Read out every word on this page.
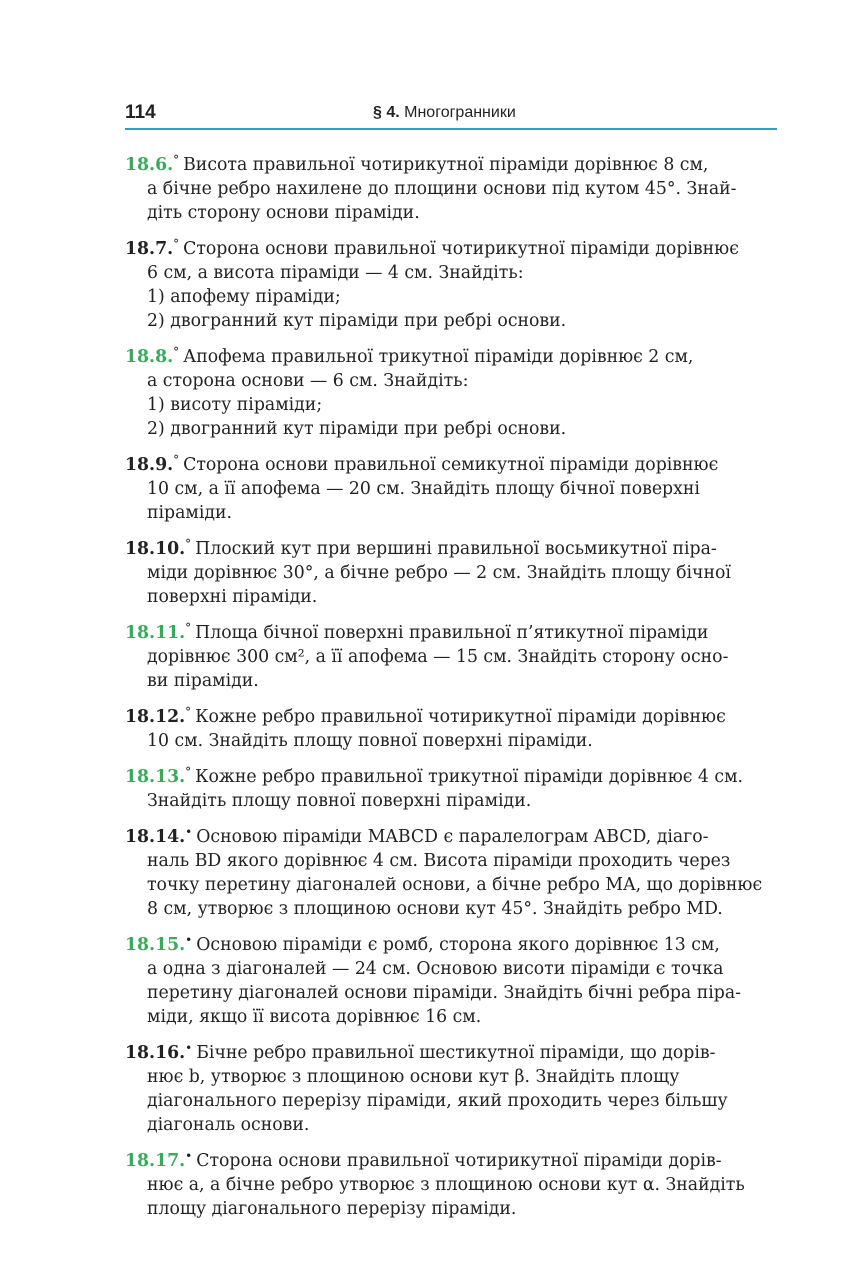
114	§ 4. Многогранники
18.6.° Висота правильної чотирикутної піраміди дорівнює 8 см,
а бічне ребро нахилене до площини основи під кутом 45°. Знай-
діть сторону основи піраміди.
18.7.° Сторона основи правильної чотирикутної піраміди дорівнює
6 см, а висота піраміди — 4 см. Знайдіть:
1) апофему піраміди;
2) двогранний кут піраміди при ребрі основи.
18.8.° Апофема правильної трикутної піраміди дорівнює 2 см,
а сторона основи — 6 см. Знайдіть:
1) висоту піраміди;
2) двогранний кут піраміди при ребрі основи.
18.9.° Сторона основи правильної семикутної піраміди дорівнює
10 см, а її апофема — 20 см. Знайдіть площу бічної поверхні
піраміди.
18.10.° Плоский кут при вершині правильної восьмикутної пірa-
міди дорівнює 30°, а бічне ребро — 2 см. Знайдіть площу бічної
поверхні піраміди.
18.11.° Площа бічної поверхні правильної п’ятикутної піраміди
дорівнює 300 см², а її апофема — 15 см. Знайдіть сторону осно-
ви піраміди.
18.12.° Кожне ребро правильної чотирикутної піраміди дорівнює
10 см. Знайдіть площу повної поверхні піраміди.
18.13.° Кожне ребро правильної трикутної піраміди дорівнює 4 см.
Знайдіть площу повної поверхні піраміди.
18.14.• Основою піраміди MABCD є паралелограм ABCD, діаго-
наль BD якого дорівнює 4 см. Висота піраміди проходить через
точку перетину діагоналей основи, а бічне ребро MA, що дорівнює
8 см, утворює з площиною основи кут 45°. Знайдіть ребро MD.
18.15.• Основою піраміди є ромб, сторона якого дорівнює 13 см,
а одна з діагоналей — 24 см. Основою висоти піраміди є точка
перетину діагоналей основи піраміди. Знайдіть бічні ребра піра-
міди, якщо її висота дорівнює 16 см.
18.16.• Бічне ребро правильної шестикутної піраміди, що дорів-
нює b, утворює з площиною основи кут β. Знайдіть площу
діагонального перерізу піраміди, який проходить через більшу
діагональ основи.
18.17.• Сторона основи правильної чотирикутної піраміди дорів-
нює a, а бічне ребро утворює з площиною основи кут α. Знайдіть
площу діагонального перерізу піраміди.
